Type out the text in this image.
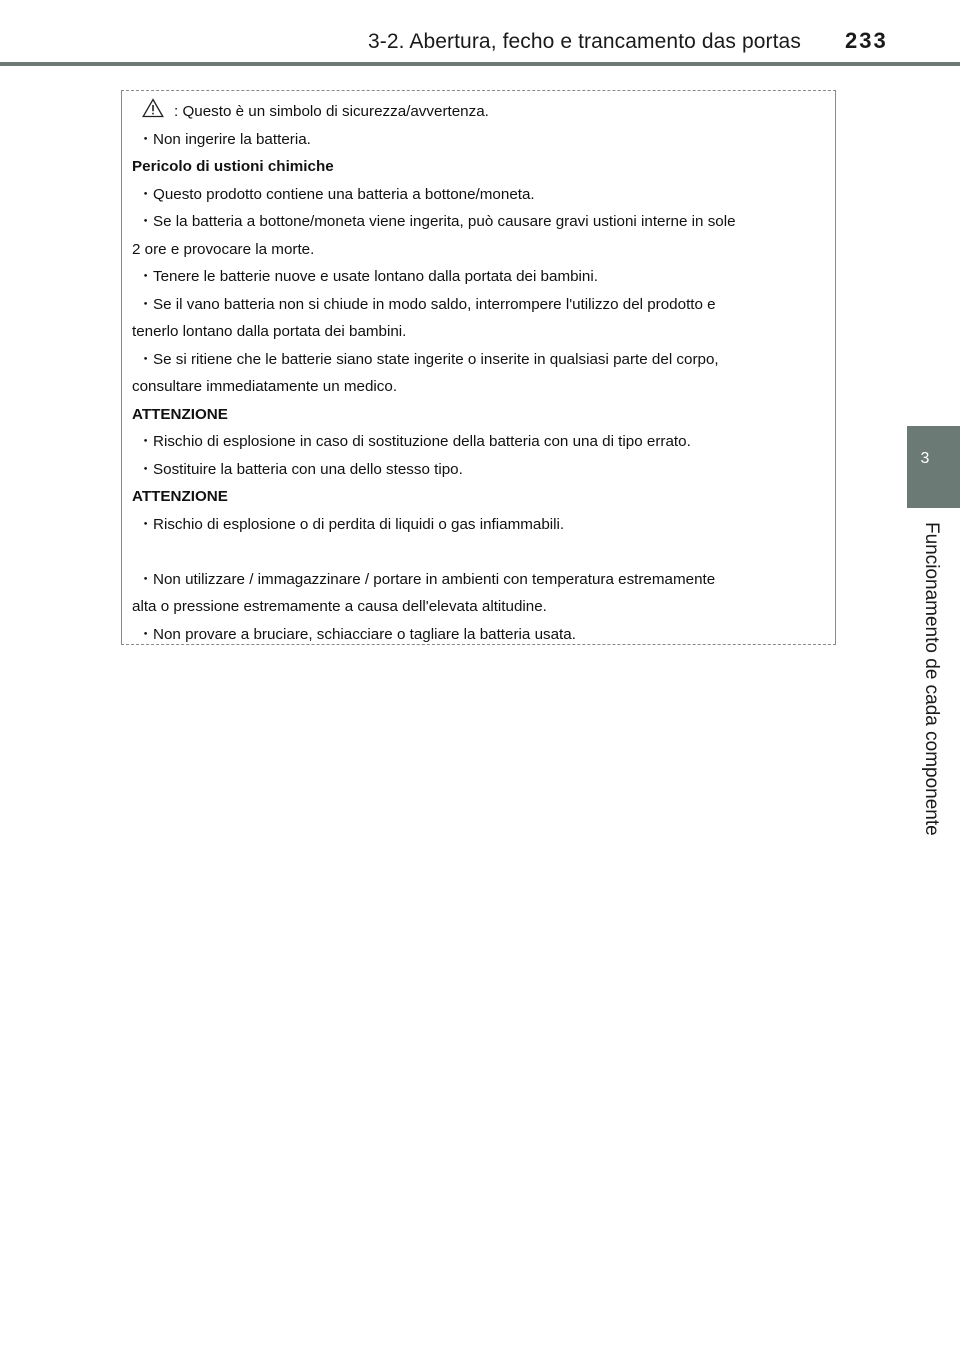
3-2. Abertura, fecho e trancamento das portas 233
3
Funcionamento de cada componente
: Questo è un simbolo di sicurezza/avvertenza.
・Non ingerire la batteria.
Pericolo di ustioni chimiche
・Questo prodotto contiene una batteria a bottone/moneta.
・Se la batteria a bottone/moneta viene ingerita, può causare gravi ustioni interne in sole
2 ore e provocare la morte.
・Tenere le batterie nuove e usate lontano dalla portata dei bambini.
・Se il vano batteria non si chiude in modo saldo, interrompere l'utilizzo del prodotto e
tenerlo lontano dalla portata dei bambini.
・Se si ritiene che le batterie siano state ingerite o inserite in qualsiasi parte del corpo,
consultare immediatamente un medico.
ATTENZIONE
・Rischio di esplosione in caso di sostituzione della batteria con una di tipo errato.
・Sostituire la batteria con una dello stesso tipo.
ATTENZIONE
・Rischio di esplosione o di perdita di liquidi o gas infiammabili.
・Non utilizzare / immagazzinare / portare in ambienti con temperatura estremamente
alta o pressione estremamente a causa dell'elevata altitudine.
・Non provare a bruciare, schiacciare o tagliare la batteria usata.
